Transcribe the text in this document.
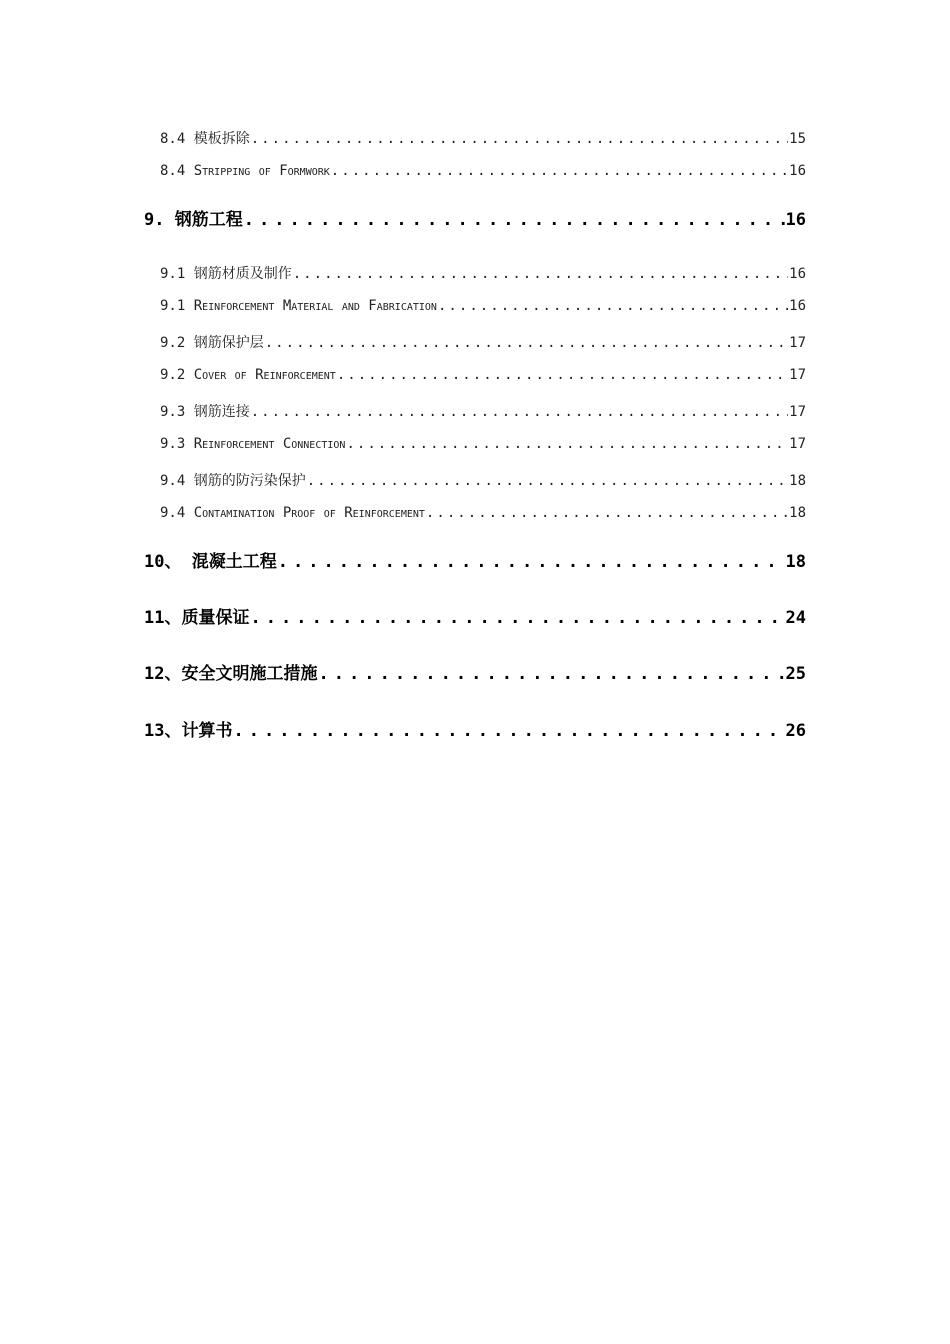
8.4 模板拆除 . . .	15
8.4 Stripping of Formwork . . .	16
9. 钢筋工程 . . .	16
9.1 钢筋材质及制作 . . .	16
9.1 Reinforcement Material and Fabrication . . .	16
9.2 钢筋保护层 . . .	17
9.2 Cover of Reinforcement . . .	17
9.3 钢筋连接 . . .	17
9.3 Reinforcement Connection . . .	17
9.4 钢筋的防污染保护 . . .	18
9.4 Contamination Proof of Reinforcement . . .	18
10、 混凝土工程 . . .	18
11、质量保证 . . .	24
12、安全文明施工措施 . . .	25
13、计算书 . . .	26
